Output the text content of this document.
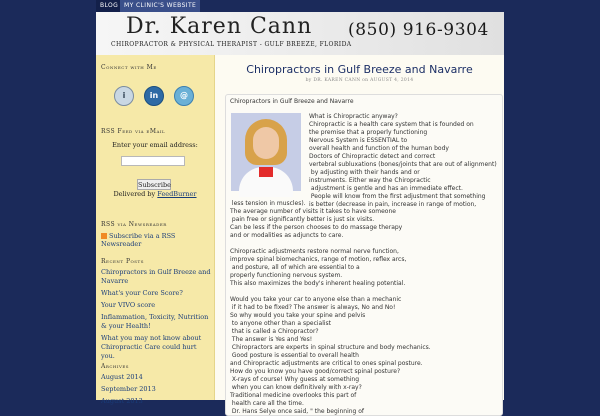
BLOG MY CLINIC'S WEBSITE
Dr. Karen Cann
CHIROPRACTOR & PHYSICAL THERAPIST - GULF BREEZE, FLORIDA
(850) 916-9304
Connect with Me
i	in	@
RSS Feed via eMail
Enter your email address:
Subscribe
Delivered by FeedBurner
RSS via Newsreader
Subscribe via a RSS Newsreader
Recent Posts
Chiropractors in Gulf Breeze and Navarre
What's your Core Score?
Your VIVO score
Inflammation, Toxicity, Nutrition & your Health!
What you may not know about Chiropractic Care could hurt you.
Archives
August 2014
September 2013
August 2013
Chiropractors in Gulf Breeze and Navarre
by DR. KAREN CANN on AUGUST 4, 2014
Chiropractors in Gulf Breeze and Navarre
What is Chiropractic anyway?
Chiropractic is a health care system that is founded on
the premise that a properly functioning
Nervous System is ESSENTIAL to
overall health and function of the human body
Doctors of Chiropractic detect and correct
vertebral subluxations (bones/joints that are out of alignment)
by adjusting with their hands and or
instruments. Either way the Chiropractic
adjustment is gentle and has an immediate effect.
People will know from the first adjustment that something
is better (decrease in pain, increase in range of motion,
less tension in muscles).
The average number of visits it takes to have someone
pain free or significantly better is just six visits.
Can be less if the person chooses to do massage therapy
and or modalities as adjuncts to care.
Chiropractic adjustments restore normal nerve function,
improve spinal biomechanics, range of motion, reflex arcs,
and posture, all of which are essential to a
properly functioning nervous system.
This also maximizes the body's inherent healing potential.
Would you take your car to anyone else than a mechanic
if it had to be fixed? The answer is always, No and No!
So why would you take your spine and pelvis
to anyone other than a specialist
that is called a Chiropractor?
The answer is Yes and Yes!
Chiropractors are experts in spinal structure and body mechanics.
Good posture is essential to overall health
and Chiropractic adjustments are critical to ones spinal posture.
How do you know you have good/correct spinal posture?
X-rays of course! Why guess at something
when you can know definitively with x-ray?
Traditional medicine overlooks this part of
health care all the time.
Dr. Hans Selye once said, " the beginning of
